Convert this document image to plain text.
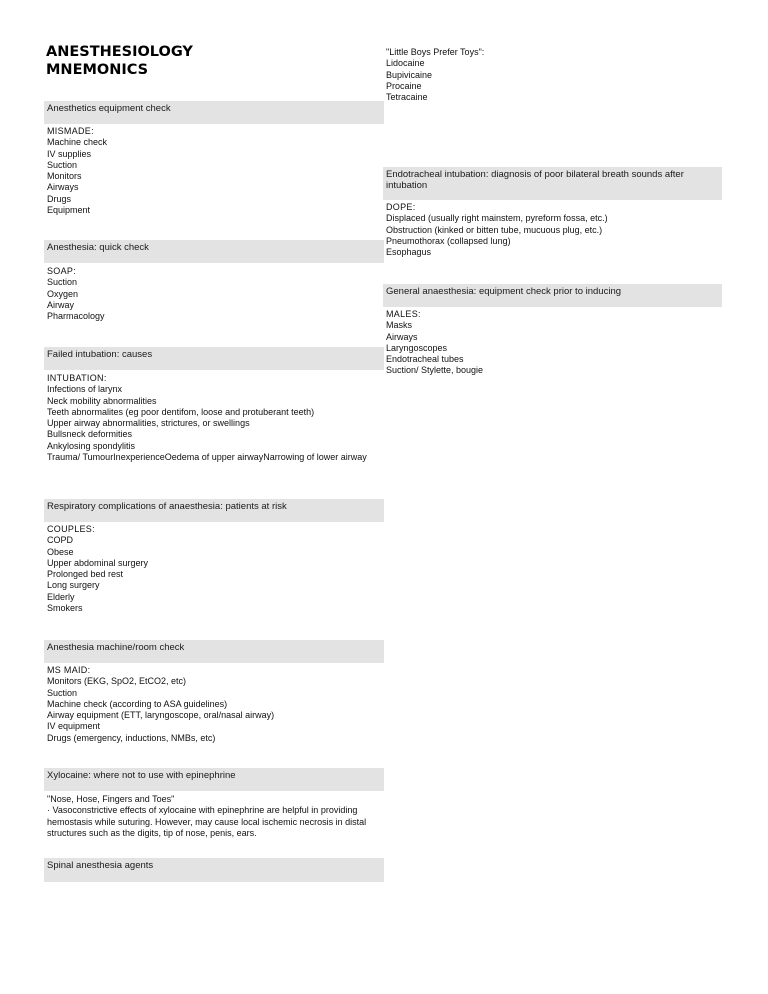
ANESTHESIOLOGY
MNEMONICS
Anesthetics equipment check
MISMADE:
Machine check
IV supplies
Suction
Monitors
Airways
Drugs
Equipment
Anesthesia: quick check
SOAP:
Suction
Oxygen
Airway
Pharmacology
Failed intubation: causes
INTUBATION:
Infections of larynx
Neck mobility abnormalities
Teeth abnormalites (eg poor dentifom, loose and protuberant teeth)
Upper airway abnormalities, strictures, or swellings
Bullsneck deformities
Ankylosing spondylitis
Trauma/ TumourInexperienceOedema of upper airwayNarrowing of lower airway
Respiratory complications of anaesthesia: patients at risk
COUPLES:
COPD
Obese
Upper abdominal surgery
Prolonged bed rest
Long surgery
Elderly
Smokers
Anesthesia machine/room check
MS MAID:
Monitors (EKG, SpO2, EtCO2, etc)
Suction
Machine check (according to ASA guidelines)
Airway equipment (ETT, laryngoscope, oral/nasal airway)
IV equipment
Drugs (emergency, inductions, NMBs, etc)
Xylocaine: where not to use with epinephrine
"Nose, Hose, Fingers and Toes"
· Vasoconstrictive effects of xylocaine with epinephrine are helpful in providing hemostasis while suturing. However, may cause local ischemic necrosis in distal structures such as the digits, tip of nose, penis, ears.
Spinal anesthesia agents
"Little Boys Prefer Toys":
Lidocaine
Bupivicaine
Procaine
Tetracaine
Endotracheal intubation: diagnosis of poor bilateral breath sounds after intubation
DOPE:
Displaced (usually right mainstem, pyreform fossa, etc.)
Obstruction (kinked or bitten tube, mucuous plug, etc.)
Pneumothorax (collapsed lung)
Esophagus
General anaesthesia: equipment check prior to inducing
MALES:
Masks
Airways
Laryngoscopes
Endotracheal tubes
Suction/ Stylette, bougie
